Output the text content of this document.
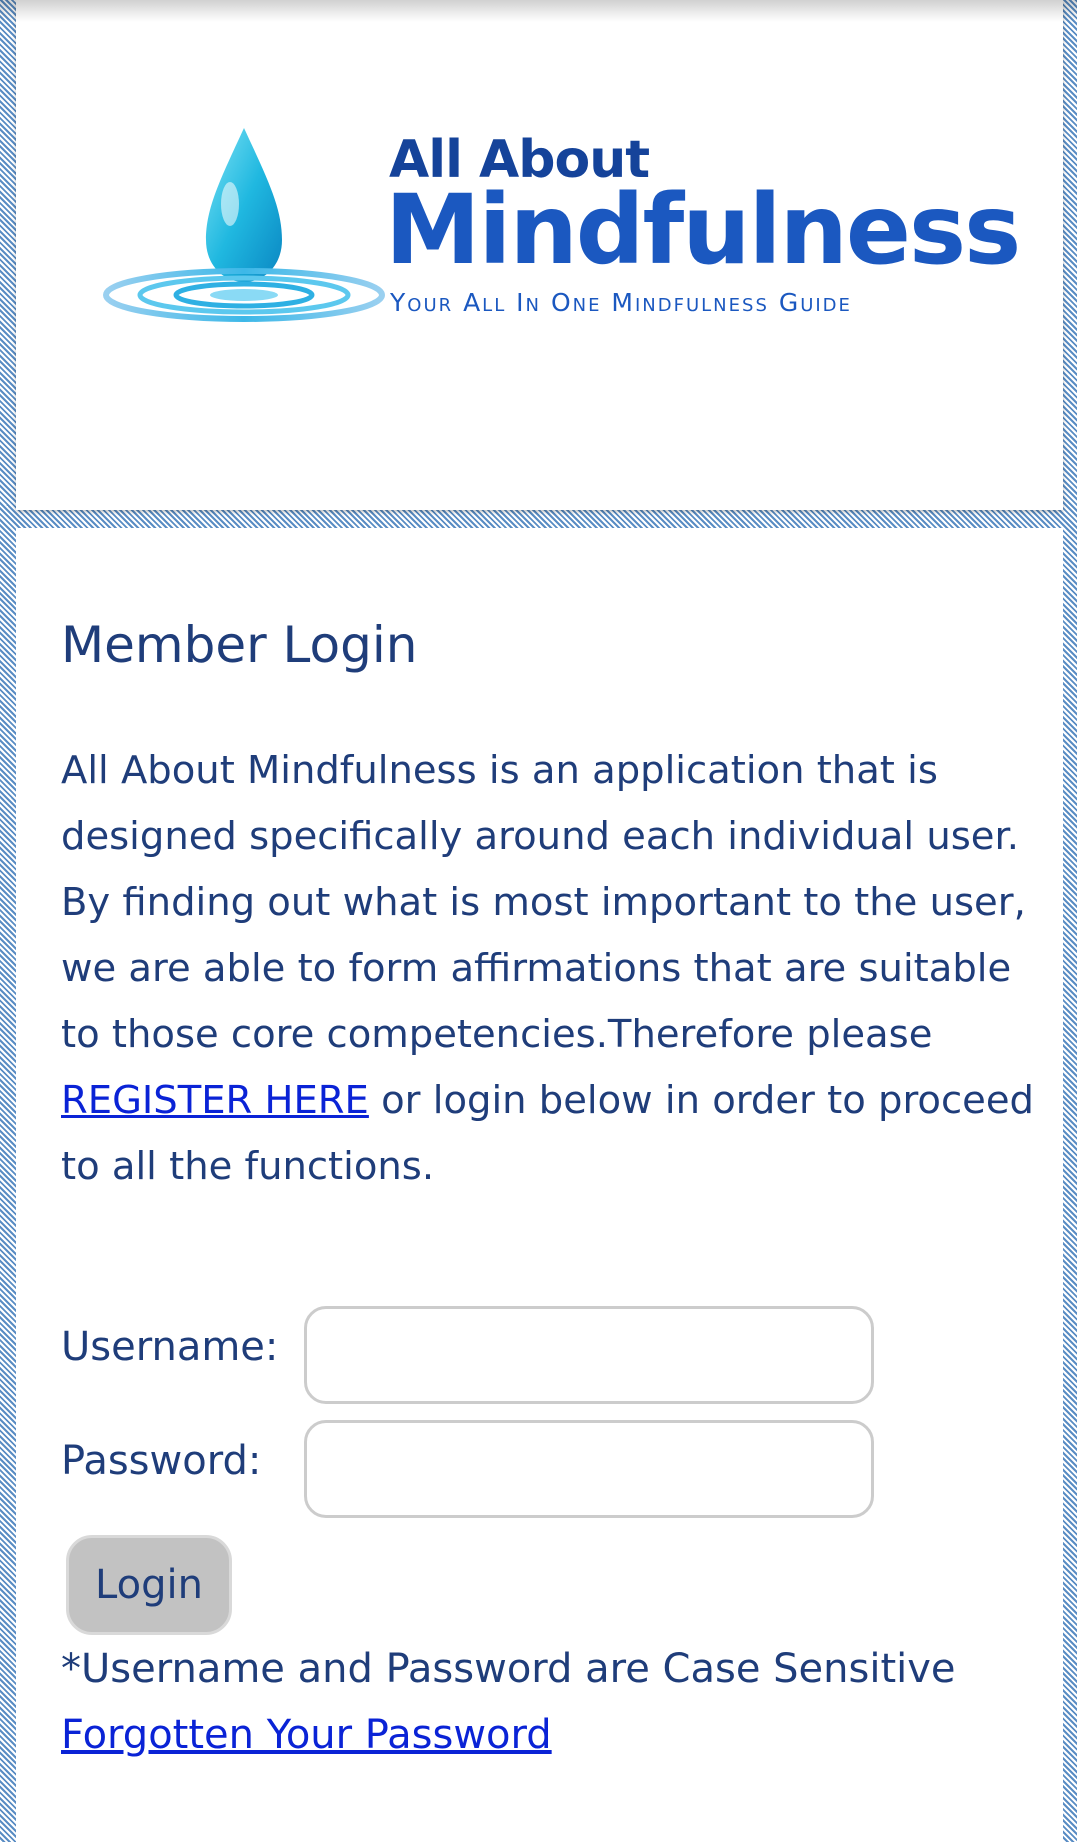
All About
Mindfulness
Your All In One Mindfulness Guide
Member Login

All About Mindfulness is an application that is designed specifically around each individual user. By finding out what is most important to the user, we are able to form affirmations that are suitable to those core competencies.Therefore please REGISTER HERE or login below in order to proceed to all the functions.

Username:
Password:
Login
*Username and Password are Case Sensitive
Forgotten Your Password
